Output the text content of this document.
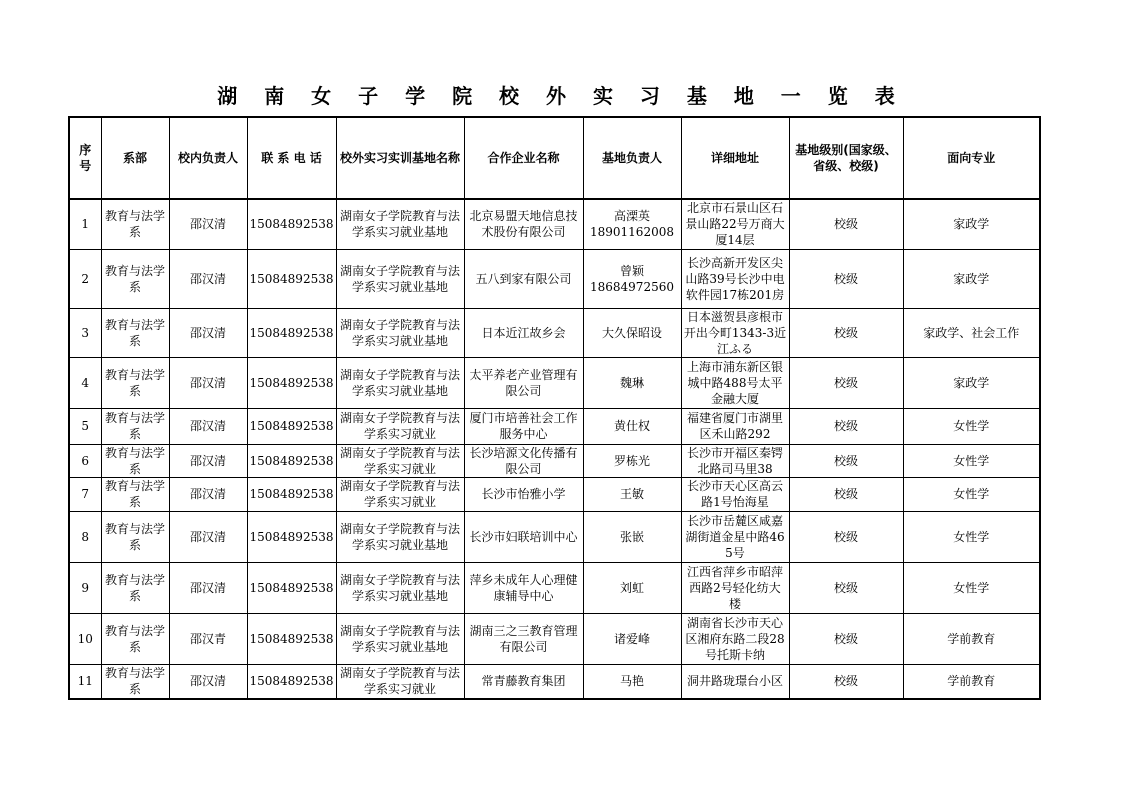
湖 南 女 子 学 院 校 外 实 习 基 地 一 览 表
序号	系部	校内负责人	联 系 电 话	校外实习实训基地名称	合作企业名称	基地负责人	详细地址	基地级别(国家级、省级、校级)	面向专业
1	教育与法学系	邵汉清	15084892538	湖南女子学院教育与法学系实习就业基地	北京易盟天地信息技术股份有限公司	高溧英 18901162008	北京市石景山区石景山路22号万商大厦14层	校级	家政学
2	教育与法学系	邵汉清	15084892538	湖南女子学院教育与法学系实习就业基地	五八到家有限公司	曾颖 18684972560	长沙高新开发区尖山路39号长沙中电软件园17栋201房	校级	家政学
3	教育与法学系	邵汉清	15084892538	湖南女子学院教育与法学系实习就业基地	日本近江故乡会	大久保昭设	日本滋贺县彦根市开出今町1343-3近江ふる	校级	家政学、社会工作
4	教育与法学系	邵汉清	15084892538	湖南女子学院教育与法学系实习就业基地	太平养老产业管理有限公司	魏琳	上海市浦东新区银城中路488号太平金融大厦	校级	家政学
5	教育与法学系	邵汉清	15084892538	湖南女子学院教育与法学系实习就业	厦门市培善社会工作服务中心	黄仕权	福建省厦门市湖里区禾山路292	校级	女性学
6	教育与法学系	邵汉清	15084892538	湖南女子学院教育与法学系实习就业	长沙培源文化传播有限公司	罗栋光	长沙市开福区秦锷北路司马里38	校级	女性学
7	教育与法学系	邵汉清	15084892538	湖南女子学院教育与法学系实习就业	长沙市怡雅小学	王敏	长沙市天心区高云路1号怡海星	校级	女性学
8	教育与法学系	邵汉清	15084892538	湖南女子学院教育与法学系实习就业基地	长沙市妇联培训中心	张嵌	长沙市岳麓区咸嘉湖街道金星中路465号	校级	女性学
9	教育与法学系	邵汉清	15084892538	湖南女子学院教育与法学系实习就业基地	萍乡未成年人心理健康辅导中心	刘虹	江西省萍乡市昭萍西路2号轻化纺大楼	校级	女性学
10	教育与法学系	邵汉青	15084892538	湖南女子学院教育与法学系实习就业基地	湖南三之三教育管理有限公司	诸爱峰	湖南省长沙市天心区湘府东路二段28号托斯卡纳	校级	学前教育
11	教育与法学系	邵汉清	15084892538	湖南女子学院教育与法学系实习就业	常青藤教育集团	马艳	洞井路珑璟台小区	校级	学前教育
